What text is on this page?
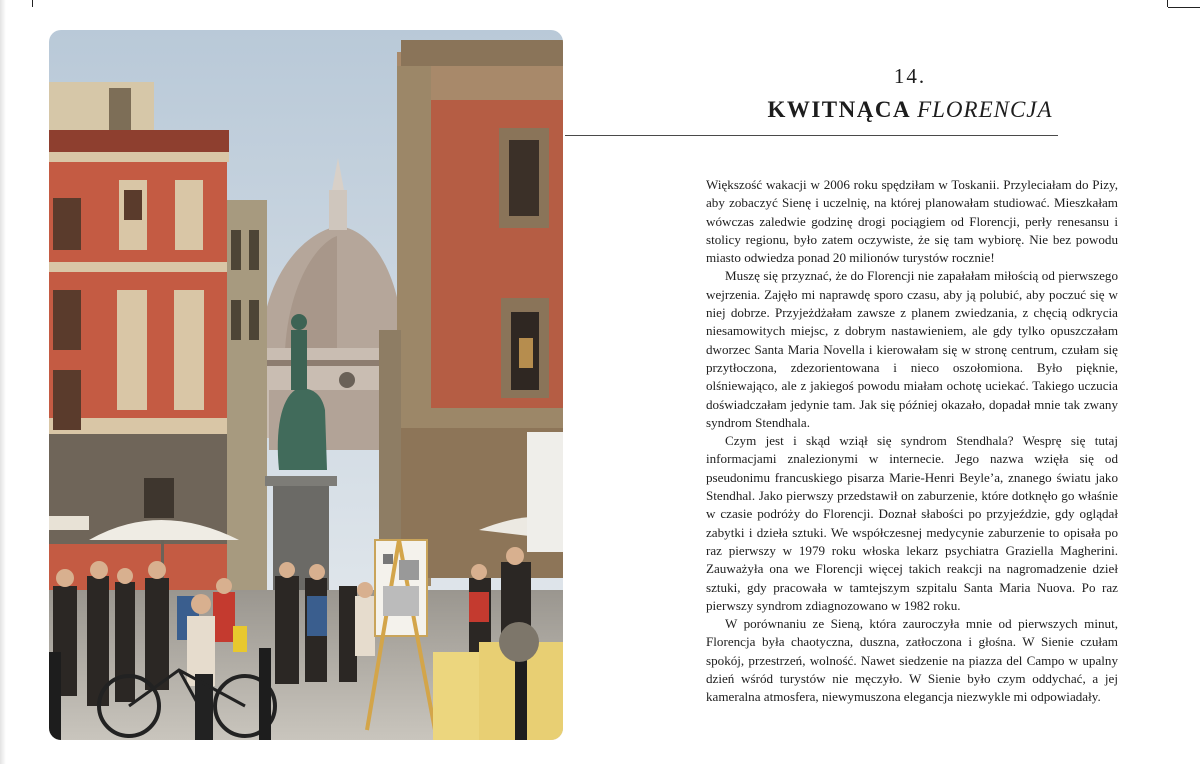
14.
KWITNĄCA FLORENCJA

Większość wakacji w 2006 roku spędziłam w Toskanii. Przyleciałam do Pizy, aby zobaczyć Sienę i uczelnię, na której planowałam studiować. Mieszkałam wówczas zaledwie godzinę drogi pociągiem od Florencji, perły renesansu i stolicy regionu, było zatem oczywiste, że się tam wybiorę. Nie bez powodu miasto odwiedza ponad 20 milionów turystów rocznie!

Muszę się przyznać, że do Florencji nie zapałałam miłością od pierwszego wejrzenia. Zajęło mi naprawdę sporo czasu, aby ją polubić, aby poczuć się w niej dobrze. Przyjeżdżałam zawsze z planem zwiedzania, z chęcią odkrycia niesamowitych miejsc, z dobrym nastawieniem, ale gdy tylko opuszczałam dworzec Santa Maria Novella i kierowałam się w stronę centrum, czułam się przytłoczona, zdezorientowana i nieco oszołomiona. Było pięknie, olśniewająco, ale z jakiegoś powodu miałam ochotę uciekać. Takiego uczucia doświadczałam jedynie tam. Jak się później okazało, dopadał mnie tak zwany syndrom Stendhala.

Czym jest i skąd wziął się syndrom Stendhala? Wesprę się tutaj informacjami znalezionymi w internecie. Jego nazwa wzięła się od pseudonimu francuskiego pisarza Marie-Henri Beyle’a, znanego światu jako Stendhal. Jako pierwszy przedstawił on zaburzenie, które dotknęło go właśnie w czasie podróży do Florencji. Doznał słabości po przyjeździe, gdy oglądał zabytki i dzieła sztuki. We współczesnej medycynie zaburzenie to opisała po raz pierwszy w 1979 roku włoska lekarz psychiatra Graziella Magherini. Zauważyła ona we Florencji więcej takich reakcji na nagromadzenie dzieł sztuki, gdy pracowała w tamtejszym szpitalu Santa Maria Nuova. Po raz pierwszy syndrom zdiagnozowano w 1982 roku.

W porównaniu ze Sieną, która zauroczyła mnie od pierwszych minut, Florencja była chaotyczna, duszna, zatłoczona i głośna. W Sienie czułam spokój, przestrzeń, wolność. Nawet siedzenie na piazza del Campo w upalny dzień wśród turystów nie męczyło. W Sienie było czym oddychać, a jej kameralna atmosfera, niewymuszona elegancja niezwykle mi odpowiadały.
